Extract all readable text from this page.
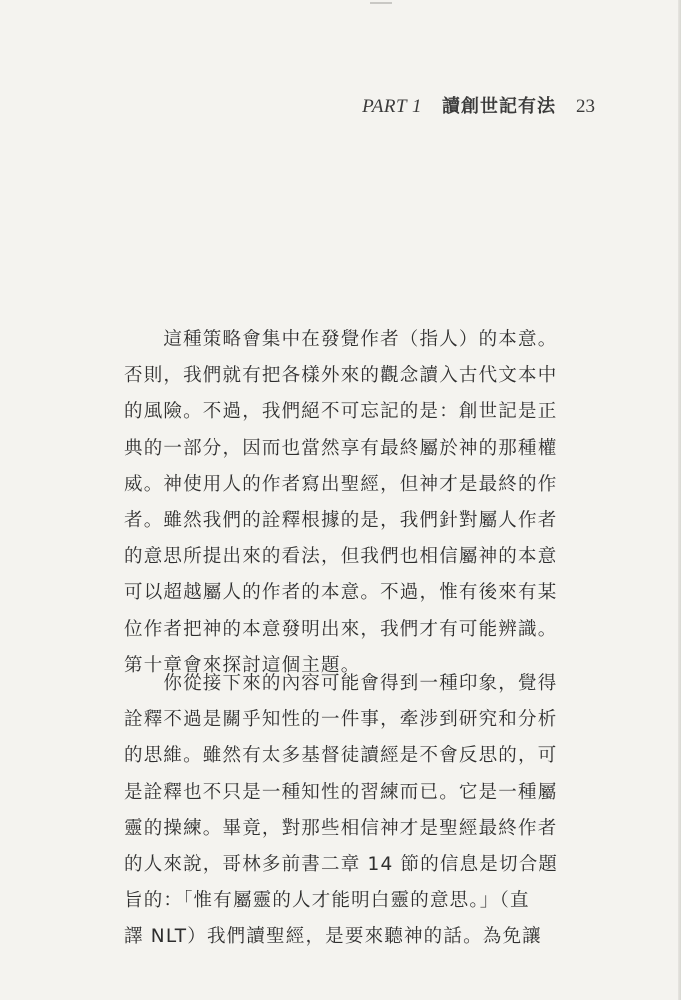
PART 1 讀創世記有法 23
　　這種策略會集中在發覺作者（指人）的本意。
否則，我們就有把各樣外來的觀念讀入古代文本中
的風險。不過，我們絕不可忘記的是：創世記是正
典的一部分，因而也當然享有最終屬於神的那種權
威。神使用人的作者寫出聖經，但神才是最終的作
者。雖然我們的詮釋根據的是，我們針對屬人作者
的意思所提出來的看法，但我們也相信屬神的本意
可以超越屬人的作者的本意。不過，惟有後來有某
位作者把神的本意發明出來，我們才有可能辨識。
第十章會來探討這個主題。
　　你從接下來的內容可能會得到一種印象，覺得
詮釋不過是關乎知性的一件事，牽涉到研究和分析
的思維。雖然有太多基督徒讀經是不會反思的，可
是詮釋也不只是一種知性的習練而已。它是一種屬
靈的操練。畢竟，對那些相信神才是聖經最終作者
的人來說，哥林多前書二章 14 節的信息是切合題
旨的：「惟有屬靈的人才能明白靈的意思。」（直
譯 NLT）我們讀聖經，是要來聽神的話。為免讓
